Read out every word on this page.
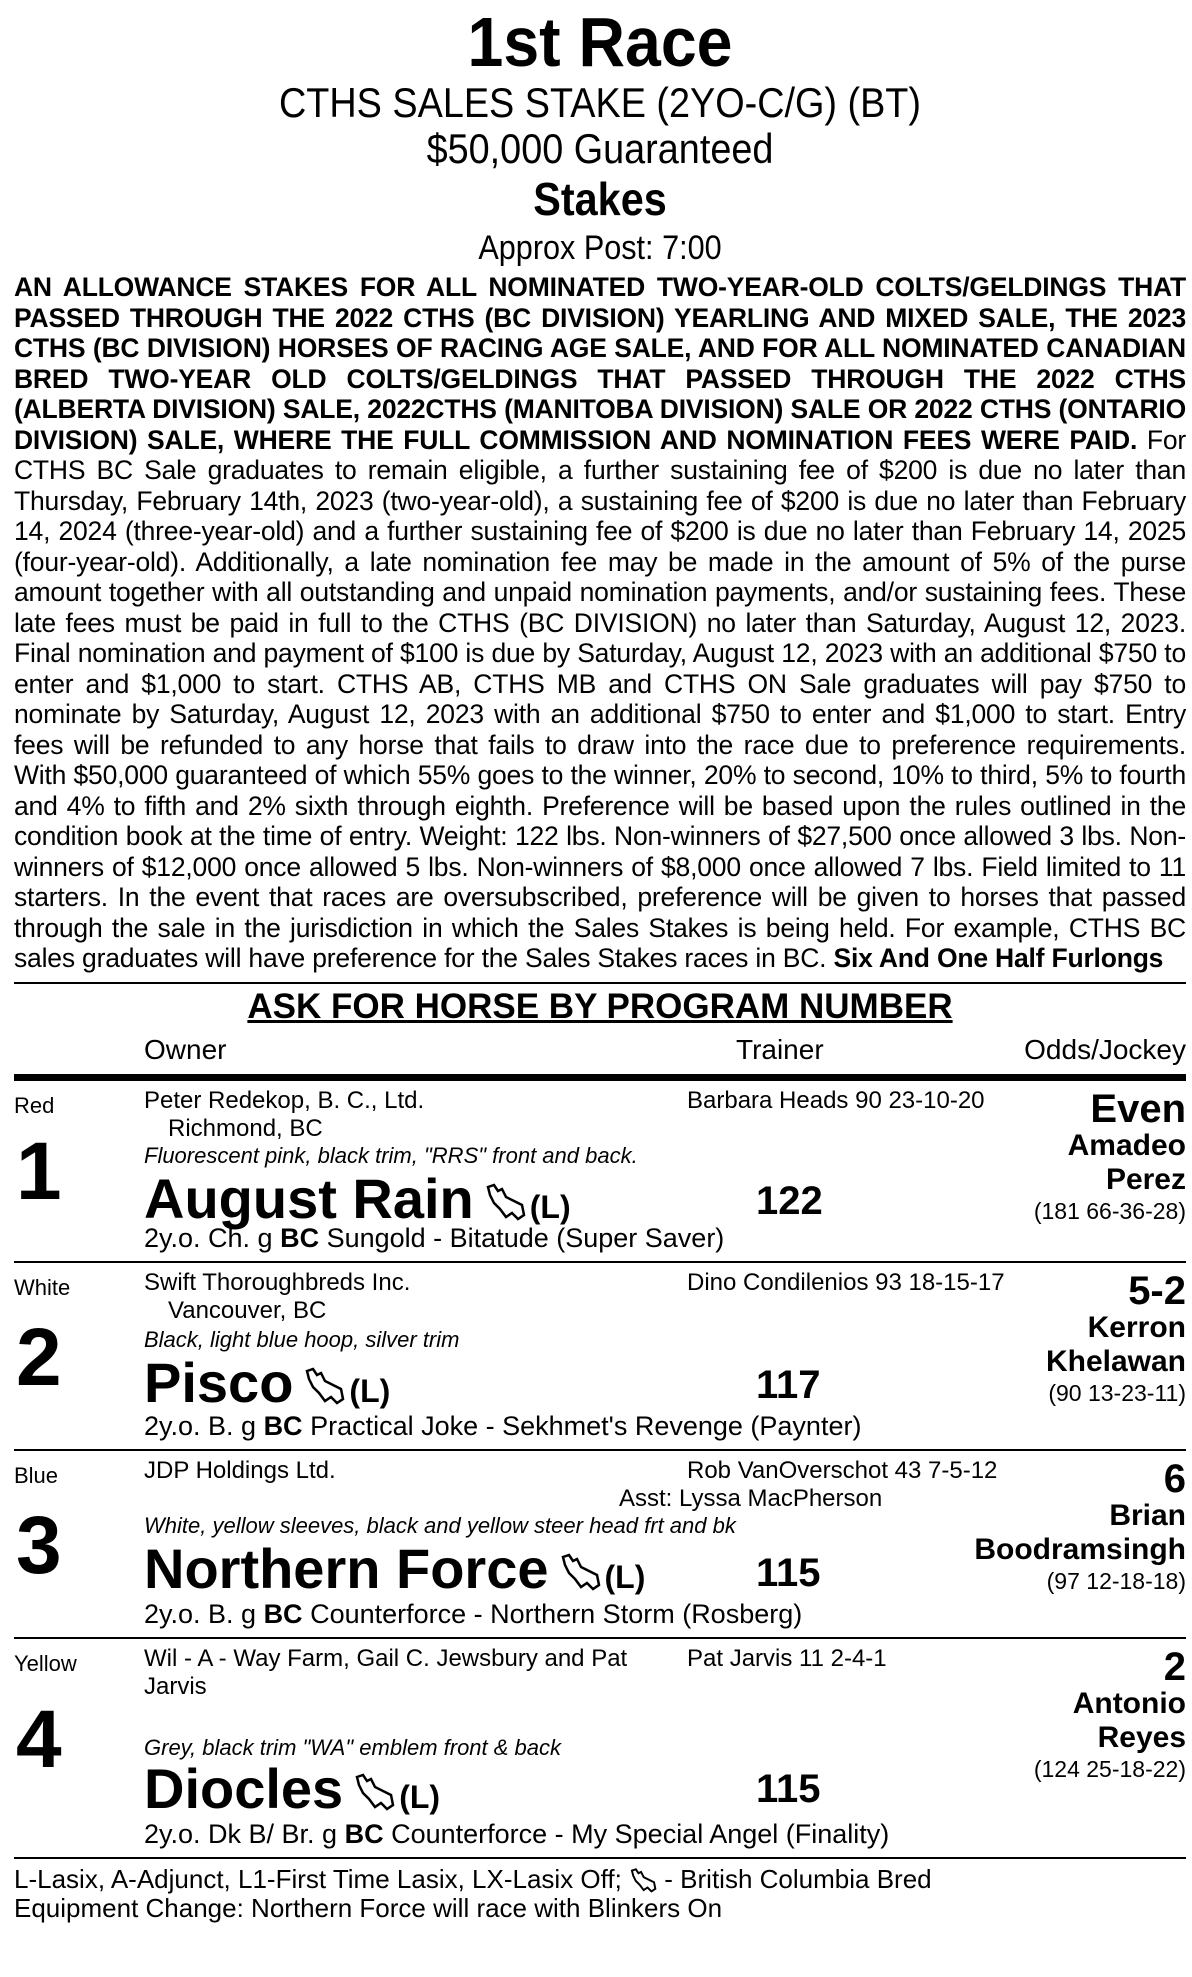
1st Race
CTHS SALES STAKE (2YO-C/G) (BT)
$50,000 Guaranteed
Stakes
Approx Post: 7:00
AN ALLOWANCE STAKES FOR ALL NOMINATED TWO-YEAR-OLD COLTS/GELDINGS THAT PASSED THROUGH THE 2022 CTHS (BC DIVISION) YEARLING AND MIXED SALE, THE 2023 CTHS (BC DIVISION) HORSES OF RACING AGE SALE, AND FOR ALL NOMINATED CANADIAN BRED TWO-YEAR OLD COLTS/GELDINGS THAT PASSED THROUGH THE 2022 CTHS (ALBERTA DIVISION) SALE, 2022CTHS (MANITOBA DIVISION) SALE OR 2022 CTHS (ONTARIO DIVISION) SALE, WHERE THE FULL COMMISSION AND NOMINATION FEES WERE PAID. For CTHS BC Sale graduates to remain eligible, a further sustaining fee of $200 is due no later than Thursday, February 14th, 2023 (two-year-old), a sustaining fee of $200 is due no later than February 14, 2024 (three-year-old) and a further sustaining fee of $200 is due no later than February 14, 2025 (four-year-old). Additionally, a late nomination fee may be made in the amount of 5% of the purse amount together with all outstanding and unpaid nomination payments, and/or sustaining fees. These late fees must be paid in full to the CTHS (BC DIVISION) no later than Saturday, August 12, 2023. Final nomination and payment of $100 is due by Saturday, August 12, 2023 with an additional $750 to enter and $1,000 to start. CTHS AB, CTHS MB and CTHS ON Sale graduates will pay $750 to nominate by Saturday, August 12, 2023 with an additional $750 to enter and $1,000 to start. Entry fees will be refunded to any horse that fails to draw into the race due to preference requirements. With $50,000 guaranteed of which 55% goes to the winner, 20% to second, 10% to third, 5% to fourth and 4% to fifth and 2% sixth through eighth. Preference will be based upon the rules outlined in the condition book at the time of entry. Weight: 122 lbs. Non-winners of $27,500 once allowed 3 lbs. Non-winners of $12,000 once allowed 5 lbs. Non-winners of $8,000 once allowed 7 lbs. Field limited to 11 starters. In the event that races are oversubscribed, preference will be given to horses that passed through the sale in the jurisdiction in which the Sales Stakes is being held. For example, CTHS BC sales graduates will have preference for the Sales Stakes races in BC. Six And One Half Furlongs
ASK FOR HORSE BY PROGRAM NUMBER
Owner	Trainer	Odds/Jockey
Red
1
Peter Redekop, B. C., Ltd.
Richmond, BC
Fluorescent pink, black trim, "RRS" front and back.
August Rain (L)
Barbara Heads 90 23-10-20
122
2y.o. Ch. g BC Sungold - Bitatude (Super Saver)
Even
Amadeo
Perez
(181 66-36-28)
White
2
Swift Thoroughbreds Inc.
Vancouver, BC
Black, light blue hoop, silver trim
Pisco (L)
Dino Condilenios 93 18-15-17
117
2y.o. B. g BC Practical Joke - Sekhmet's Revenge (Paynter)
5-2
Kerron
Khelawan
(90 13-23-11)
Blue
3
JDP Holdings Ltd.
White, yellow sleeves, black and yellow steer head frt and bk
Northern Force (L)
Rob VanOverschot 43 7-5-12
Asst: Lyssa MacPherson
115
2y.o. B. g BC Counterforce - Northern Storm (Rosberg)
6
Brian
Boodramsingh
(97 12-18-18)
Yellow
4
Wil - A - Way Farm, Gail C. Jewsbury and Pat Jarvis
Grey, black trim "WA" emblem front & back
Diocles (L)
Pat Jarvis 11 2-4-1
115
2y.o. Dk B/ Br. g BC Counterforce - My Special Angel (Finality)
2
Antonio
Reyes
(124 25-18-22)
L-Lasix, A-Adjunct, L1-First Time Lasix, LX-Lasix Off;  - British Columbia Bred
Equipment Change: Northern Force will race with Blinkers On
